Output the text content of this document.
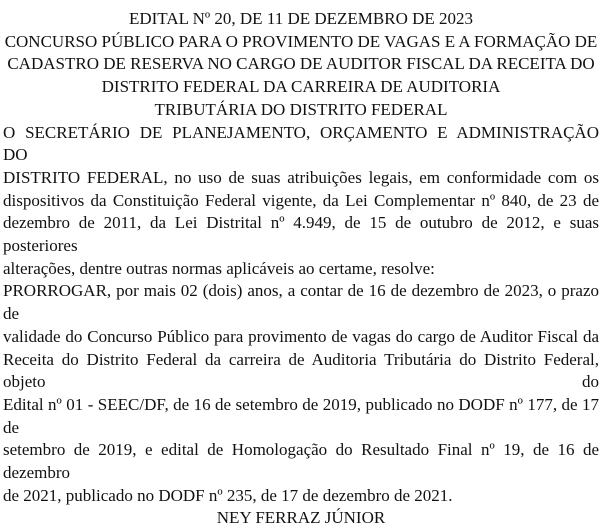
EDITAL Nº 20, DE 11 DE DEZEMBRO DE 2023

CONCURSO PÚBLICO PARA O PROVIMENTO DE VAGAS E A FORMAÇÃO DE
CADASTRO DE RESERVA NO CARGO DE AUDITOR FISCAL DA RECEITA DO
DISTRITO FEDERAL DA CARREIRA DE AUDITORIA
TRIBUTÁRIA DO DISTRITO FEDERAL
O SECRETÁRIO DE PLANEJAMENTO, ORÇAMENTO E ADMINISTRAÇÃO DO
DISTRITO FEDERAL, no uso de suas atribuições legais, em conformidade com os
dispositivos da Constituição Federal vigente, da Lei Complementar nº 840, de 23 de
dezembro de 2011, da Lei Distrital nº 4.949, de 15 de outubro de 2012, e suas posteriores
alterações, dentre outras normas aplicáveis ao certame, resolve:
PRORROGAR, por mais 02 (dois) anos, a contar de 16 de dezembro de 2023, o prazo de
validade do Concurso Público para provimento de vagas do cargo de Auditor Fiscal da
Receita do Distrito Federal da carreira de Auditoria Tributária do Distrito Federal, objeto do
Edital nº 01 - SEEC/DF, de 16 de setembro de 2019, publicado no DODF nº 177, de 17 de
setembro de 2019, e edital de Homologação do Resultado Final nº 19, de 16 de dezembro
de 2021, publicado no DODF nº 235, de 17 de dezembro de 2021.

NEY FERRAZ JÚNIOR
